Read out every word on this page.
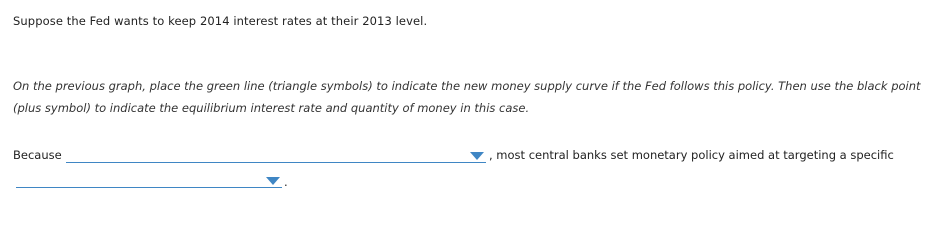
Suppose the Fed wants to keep 2014 interest rates at their 2013 level.

On the previous graph, place the green line (triangle symbols) to indicate the new money supply curve if the Fed follows this policy. Then use the black point (plus symbol) to indicate the equilibrium interest rate and quantity of money in this case.

Because	, most central banks set monetary policy aimed at targeting a specific
.
